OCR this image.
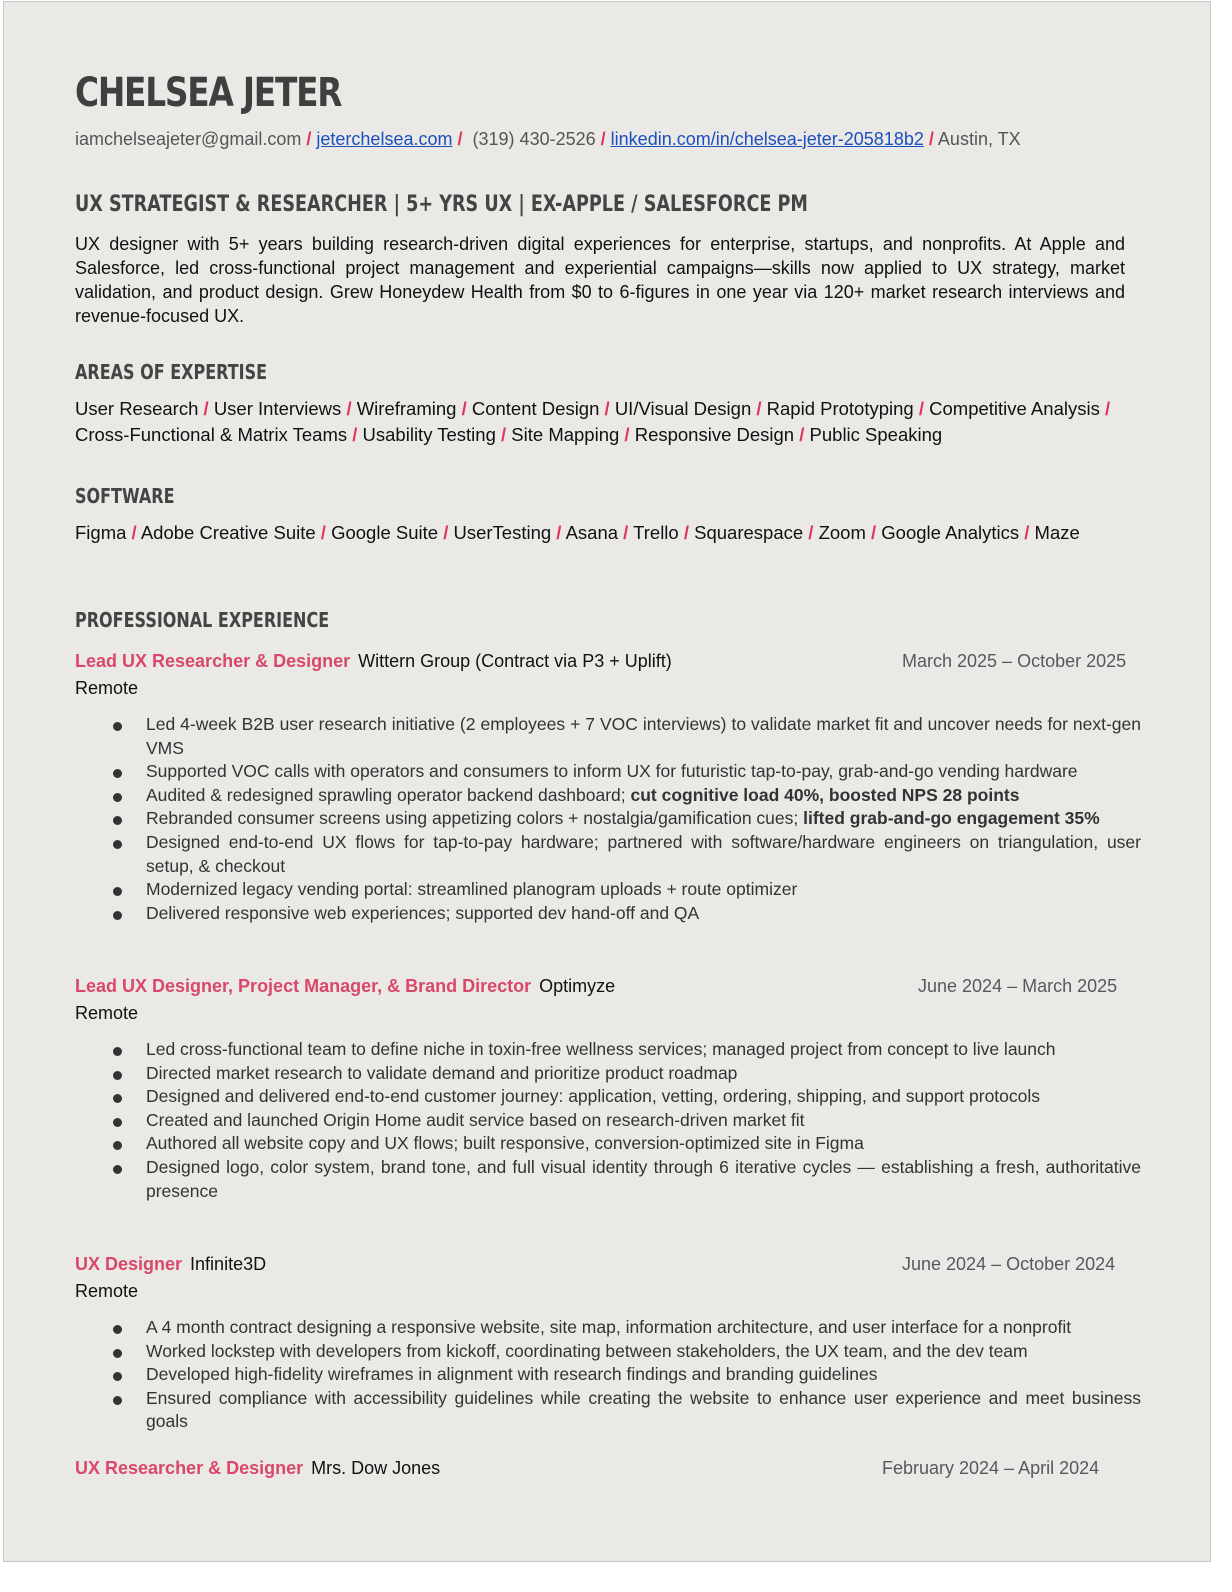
CHELSEA JETER
iamchelseajeter@gmail.com / jeterchelsea.com / (319) 430-2526 / linkedin.com/in/chelsea-jeter-205818b2 / Austin, TX
UX STRATEGIST & RESEARCHER | 5+ YRS UX | EX-APPLE / SALESFORCE PM

UX designer with 5+ years building research-driven digital experiences for enterprise, startups, and nonprofits. At Apple and Salesforce, led cross-functional project management and experiential campaigns—skills now applied to UX strategy, market validation, and product design. Grew Honeydew Health from $0 to 6-figures in one year via 120+ market research interviews and revenue-focused UX.

AREAS OF EXPERTISE
User Research / User Interviews / Wireframing / Content Design / UI/Visual Design / Rapid Prototyping / Competitive Analysis / Cross-Functional & Matrix Teams / Usability Testing / Site Mapping / Responsive Design / Public Speaking
SOFTWARE
Figma / Adobe Creative Suite / Google Suite / UserTesting / Asana / Trello / Squarespace / Zoom / Google Analytics / Maze
PROFESSIONAL EXPERIENCE
Lead UX Researcher & Designer Wittern Group (Contract via P3 + Uplift)	March 2025 – October 2025
Remote
Led 4-week B2B user research initiative (2 employees + 7 VOC interviews) to validate market fit and uncover needs for next-gen VMS
Supported VOC calls with operators and consumers to inform UX for futuristic tap-to-pay, grab-and-go vending hardware
Audited & redesigned sprawling operator backend dashboard; cut cognitive load 40%, boosted NPS 28 points
Rebranded consumer screens using appetizing colors + nostalgia/gamification cues; lifted grab-and-go engagement 35%
Designed end-to-end UX flows for tap-to-pay hardware; partnered with software/hardware engineers on triangulation, user setup, & checkout
Modernized legacy vending portal: streamlined planogram uploads + route optimizer
Delivered responsive web experiences; supported dev hand-off and QA
Lead UX Designer, Project Manager, & Brand Director Optimyze	June 2024 – March 2025
Remote
Led cross-functional team to define niche in toxin-free wellness services; managed project from concept to live launch
Directed market research to validate demand and prioritize product roadmap
Designed and delivered end-to-end customer journey: application, vetting, ordering, shipping, and support protocols
Created and launched Origin Home audit service based on research-driven market fit
Authored all website copy and UX flows; built responsive, conversion-optimized site in Figma
Designed logo, color system, brand tone, and full visual identity through 6 iterative cycles — establishing a fresh, authoritative presence
UX Designer Infinite3D	June 2024 – October 2024
Remote
A 4 month contract designing a responsive website, site map, information architecture, and user interface for a nonprofit
Worked lockstep with developers from kickoff, coordinating between stakeholders, the UX team, and the dev team
Developed high-fidelity wireframes in alignment with research findings and branding guidelines
Ensured compliance with accessibility guidelines while creating the website to enhance user experience and meet business goals
UX Researcher & Designer Mrs. Dow Jones	February 2024 – April 2024
